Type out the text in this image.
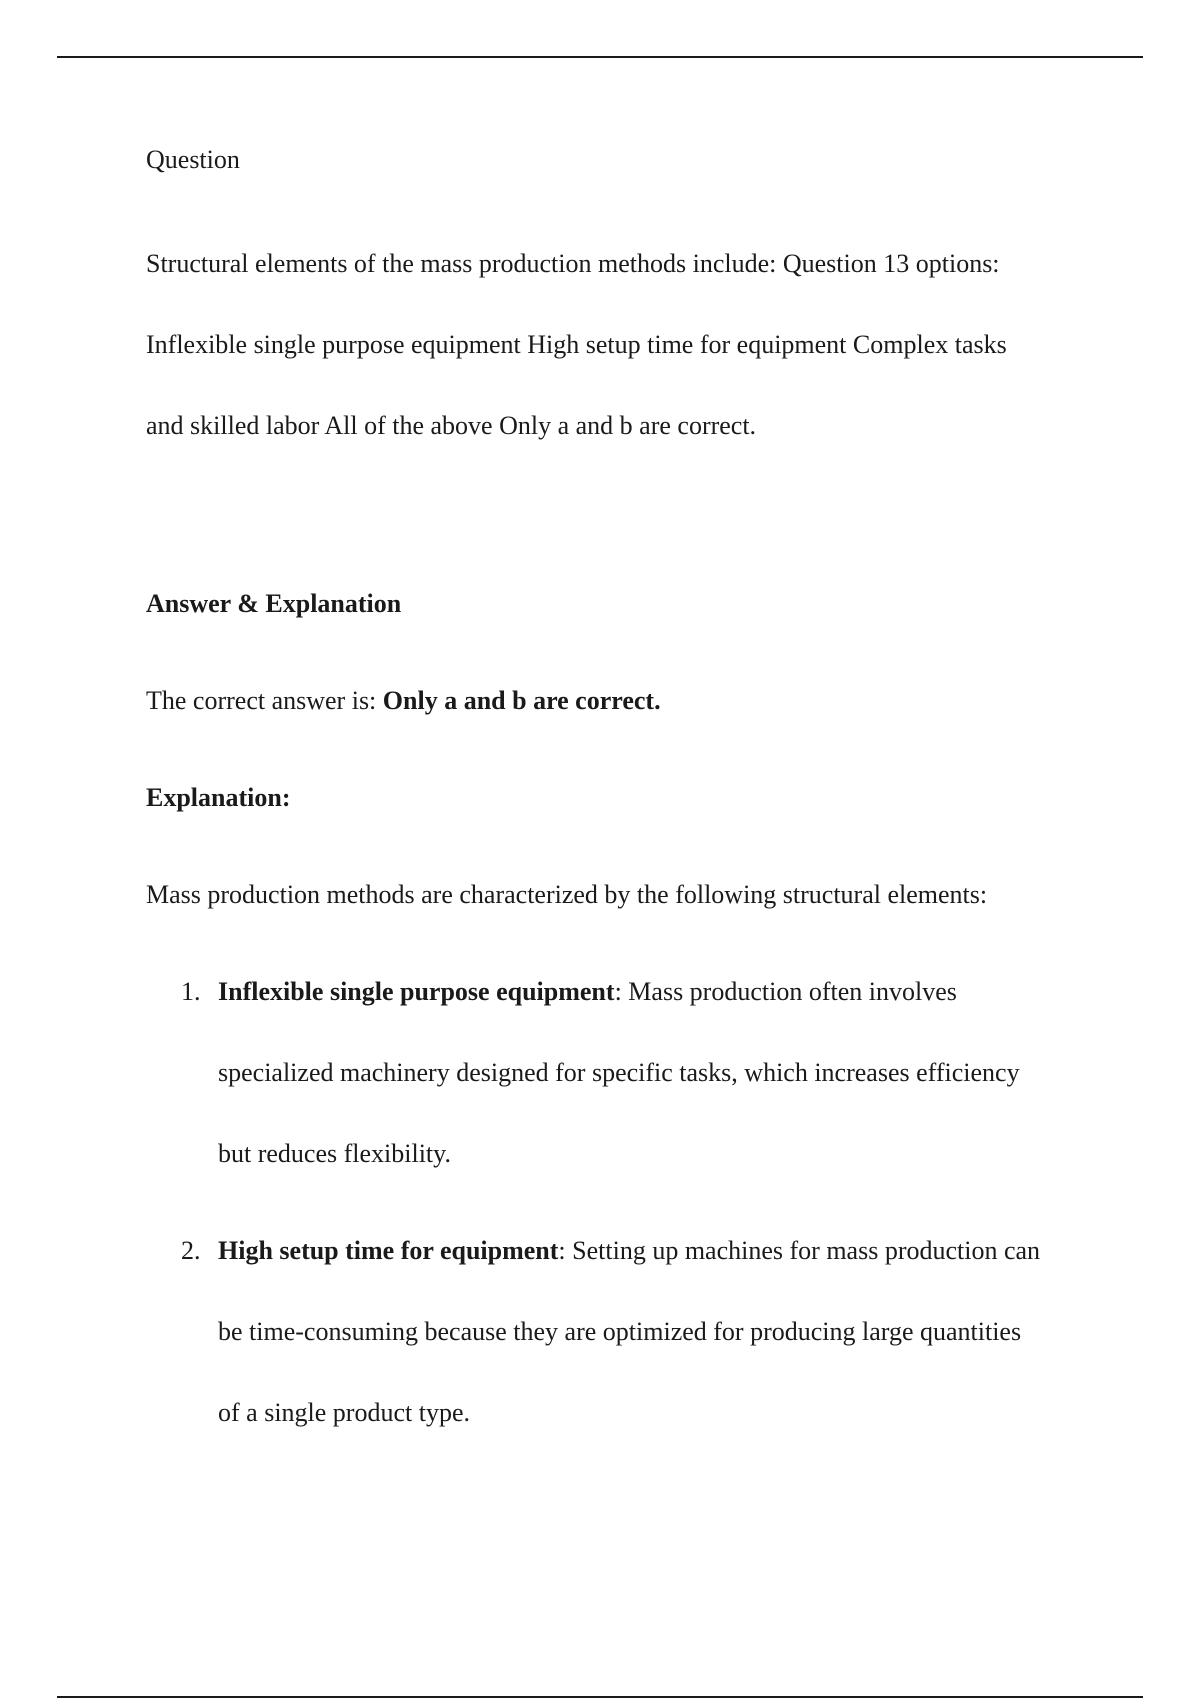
Question

Structural elements of the mass production methods include: Question 13 options: Inflexible single purpose equipment High setup time for equipment Complex tasks and skilled labor All of the above Only a and b are correct.

Answer & Explanation

The correct answer is: Only a and b are correct.

Explanation:

Mass production methods are characterized by the following structural elements:

1. Inflexible single purpose equipment: Mass production often involves specialized machinery designed for specific tasks, which increases efficiency but reduces flexibility.
2. High setup time for equipment: Setting up machines for mass production can be time-consuming because they are optimized for producing large quantities of a single product type.
